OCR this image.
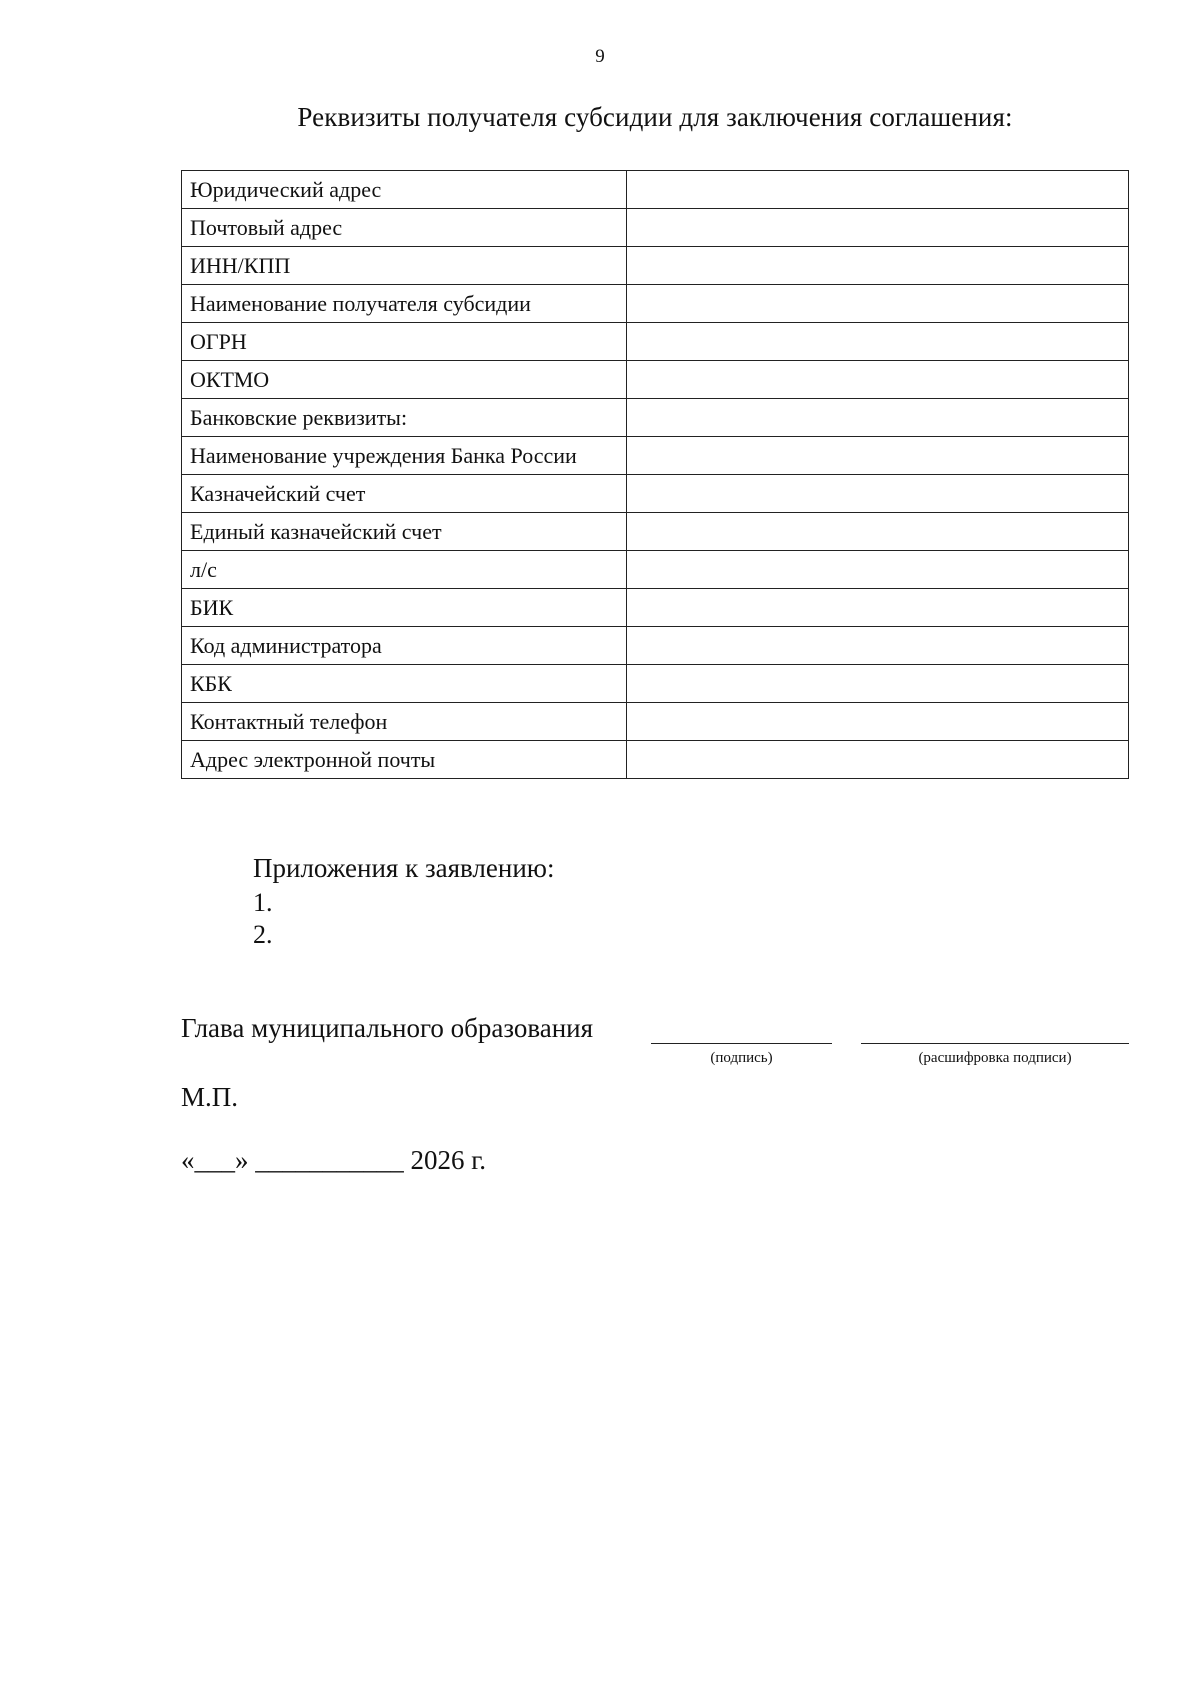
9
Реквизиты получателя субсидии для заключения соглашения:
Юридический адрес	
Почтовый адрес	
ИНН/КПП	
Наименование получателя субсидии	
ОГРН	
ОКТМО	
Банковские реквизиты:	
Наименование учреждения Банка России	
Казначейский счет	
Единый казначейский счет	
л/с	
БИК	
Код администратора	
КБК	
Контактный телефон	
Адрес электронной почты	
Приложения к заявлению:
1.
2.
Глава муниципального образования
(подпись)	(расшифровка подписи)
М.П.
«___» ___________ 2026 г.
